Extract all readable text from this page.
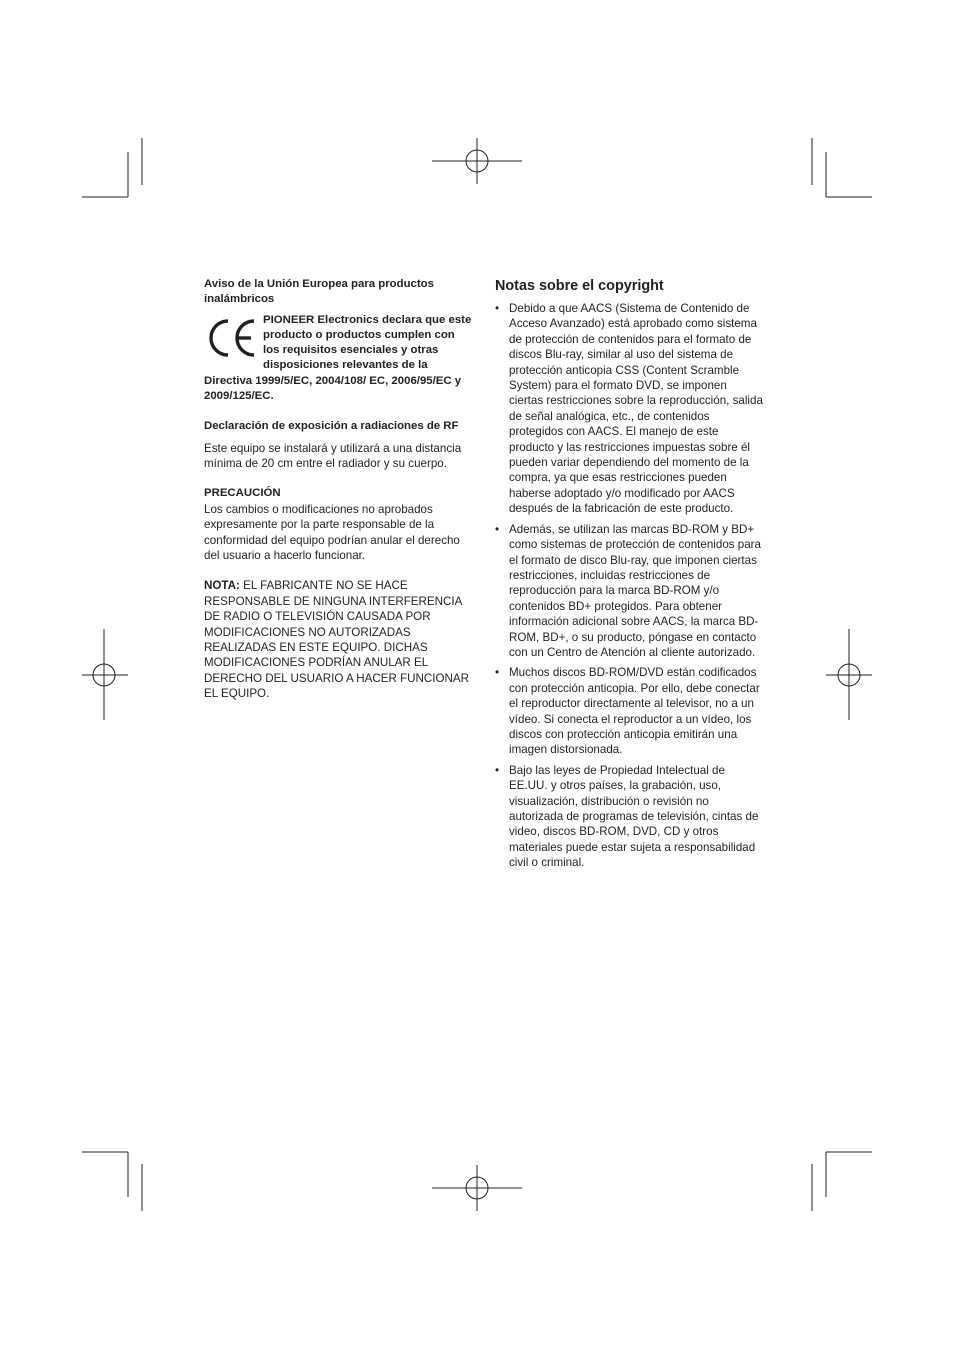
Aviso de la Unión Europea para productos inalámbricos

PIONEER Electronics declara que este producto o productos cumplen con los requisitos esenciales y otras disposiciones relevantes de la Directiva 1999/5/EC, 2004/108/ EC, 2006/95/EC y 2009/125/EC.

Declaración de exposición a radiaciones de RF

Este equipo se instalará y utilizará a una distancia mínima de 20 cm entre el radiador y su cuerpo.

PRECAUCIÓN

Los cambios o modificaciones no aprobados expresamente por la parte responsable de la conformidad del equipo podrían anular el derecho del usuario a hacerlo funcionar.

NOTA: EL FABRICANTE NO SE HACE RESPONSABLE DE NINGUNA INTERFERENCIA DE RADIO O TELEVISIÓN CAUSADA POR MODIFICACIONES NO AUTORIZADAS REALIZADAS EN ESTE EQUIPO. DICHAS MODIFICACIONES PODRÍAN ANULAR EL DERECHO DEL USUARIO A HACER FUNCIONAR EL EQUIPO.

Notas sobre el copyright
• Debido a que AACS (Sistema de Contenido de Acceso Avanzado) está aprobado como sistema de protección de contenidos para el formato de discos Blu-ray, similar al uso del sistema de protección anticopia CSS (Content Scramble System) para el formato DVD, se imponen ciertas restricciones sobre la reproducción, salida de señal analógica, etc., de contenidos protegidos con AACS. El manejo de este producto y las restricciones impuestas sobre él pueden variar dependiendo del momento de la compra, ya que esas restricciones pueden haberse adoptado y/o modificado por AACS después de la fabricación de este producto.
• Además, se utilizan las marcas BD-ROM y BD+ como sistemas de protección de contenidos para el formato de disco Blu-ray, que imponen ciertas restricciones, incluidas restricciones de reproducción para la marca BD-ROM y/o contenidos BD+ protegidos. Para obtener información adicional sobre AACS, la marca BD-ROM, BD+, o su producto, póngase en contacto con un Centro de Atención al cliente autorizado.
• Muchos discos BD-ROM/DVD están codificados con protección anticopia. Por ello, debe conectar el reproductor directamente al televisor, no a un vídeo. Si conecta el reproductor a un vídeo, los discos con protección anticopia emitirán una imagen distorsionada.
• Bajo las leyes de Propiedad Intelectual de EE.UU. y otros países, la grabación, uso, visualización, distribución o revisión no autorizada de programas de televisión, cintas de video, discos BD-ROM, DVD, CD y otros materiales puede estar sujeta a responsabilidad civil o criminal.
